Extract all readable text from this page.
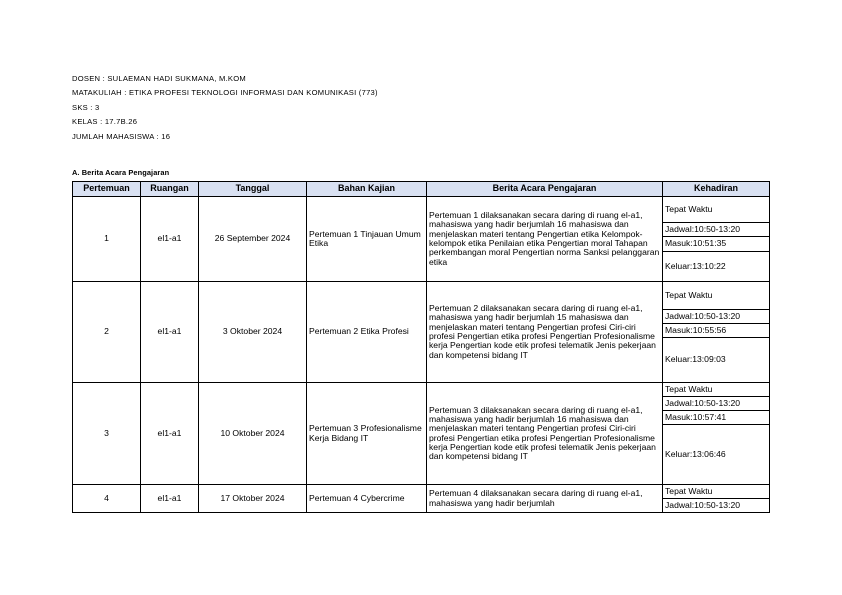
DOSEN : SULAEMAN HADI SUKMANA, M.KOM
MATAKULIAH : ETIKA PROFESI TEKNOLOGI INFORMASI DAN KOMUNIKASI (773)
SKS : 3
KELAS : 17.7B.26
JUMLAH MAHASISWA : 16
A. Berita Acara Pengajaran
Pertemuan	Ruangan	Tanggal	Bahan Kajian	Berita Acara Pengajaran	Kehadiran
1	el1-a1	26 September 2024	Pertemuan 1 Tinjauan Umum Etika	Pertemuan 1 dilaksanakan secara daring di ruang el-a1, mahasiswa yang hadir berjumlah 16 mahasiswa dan menjelaskan materi tentang Pengertian etika Kelompok-kelompok etika Penilaian etika Pengertian moral Tahapan perkembangan moral Pengertian norma Sanksi pelanggaran etika	Tepat Waktu
					Jadwal:10:50-13:20
					Masuk:10:51:35
					Keluar:13:10:22
2	el1-a1	3 Oktober 2024	Pertemuan 2 Etika Profesi	Pertemuan 2 dilaksanakan secara daring di ruang el-a1, mahasiswa yang hadir berjumlah 15 mahasiswa dan menjelaskan materi tentang Pengertian profesi Ciri-ciri profesi Pengertian etika profesi Pengertian Profesionalisme kerja Pengertian kode etik profesi telematik Jenis pekerjaan dan kompetensi bidang IT	Tepat Waktu
					Jadwal:10:50-13:20
					Masuk:10:55:56
					Keluar:13:09:03
3	el1-a1	10 Oktober 2024	Pertemuan 3 Profesionalisme Kerja Bidang IT	Pertemuan 3 dilaksanakan secara daring di ruang el-a1, mahasiswa yang hadir berjumlah 16 mahasiswa dan menjelaskan materi tentang Pengertian profesi Ciri-ciri profesi Pengertian etika profesi Pengertian Profesionalisme kerja Pengertian kode etik profesi telematik Jenis pekerjaan dan kompetensi bidang IT	Tepat Waktu
					Jadwal:10:50-13:20
					Masuk:10:57:41
					Keluar:13:06:46
4	el1-a1	17 Oktober 2024	Pertemuan 4 Cybercrime	Pertemuan 4 dilaksanakan secara daring di ruang el-a1, mahasiswa yang hadir berjumlah	Tepat Waktu
					Jadwal:10:50-13:20
